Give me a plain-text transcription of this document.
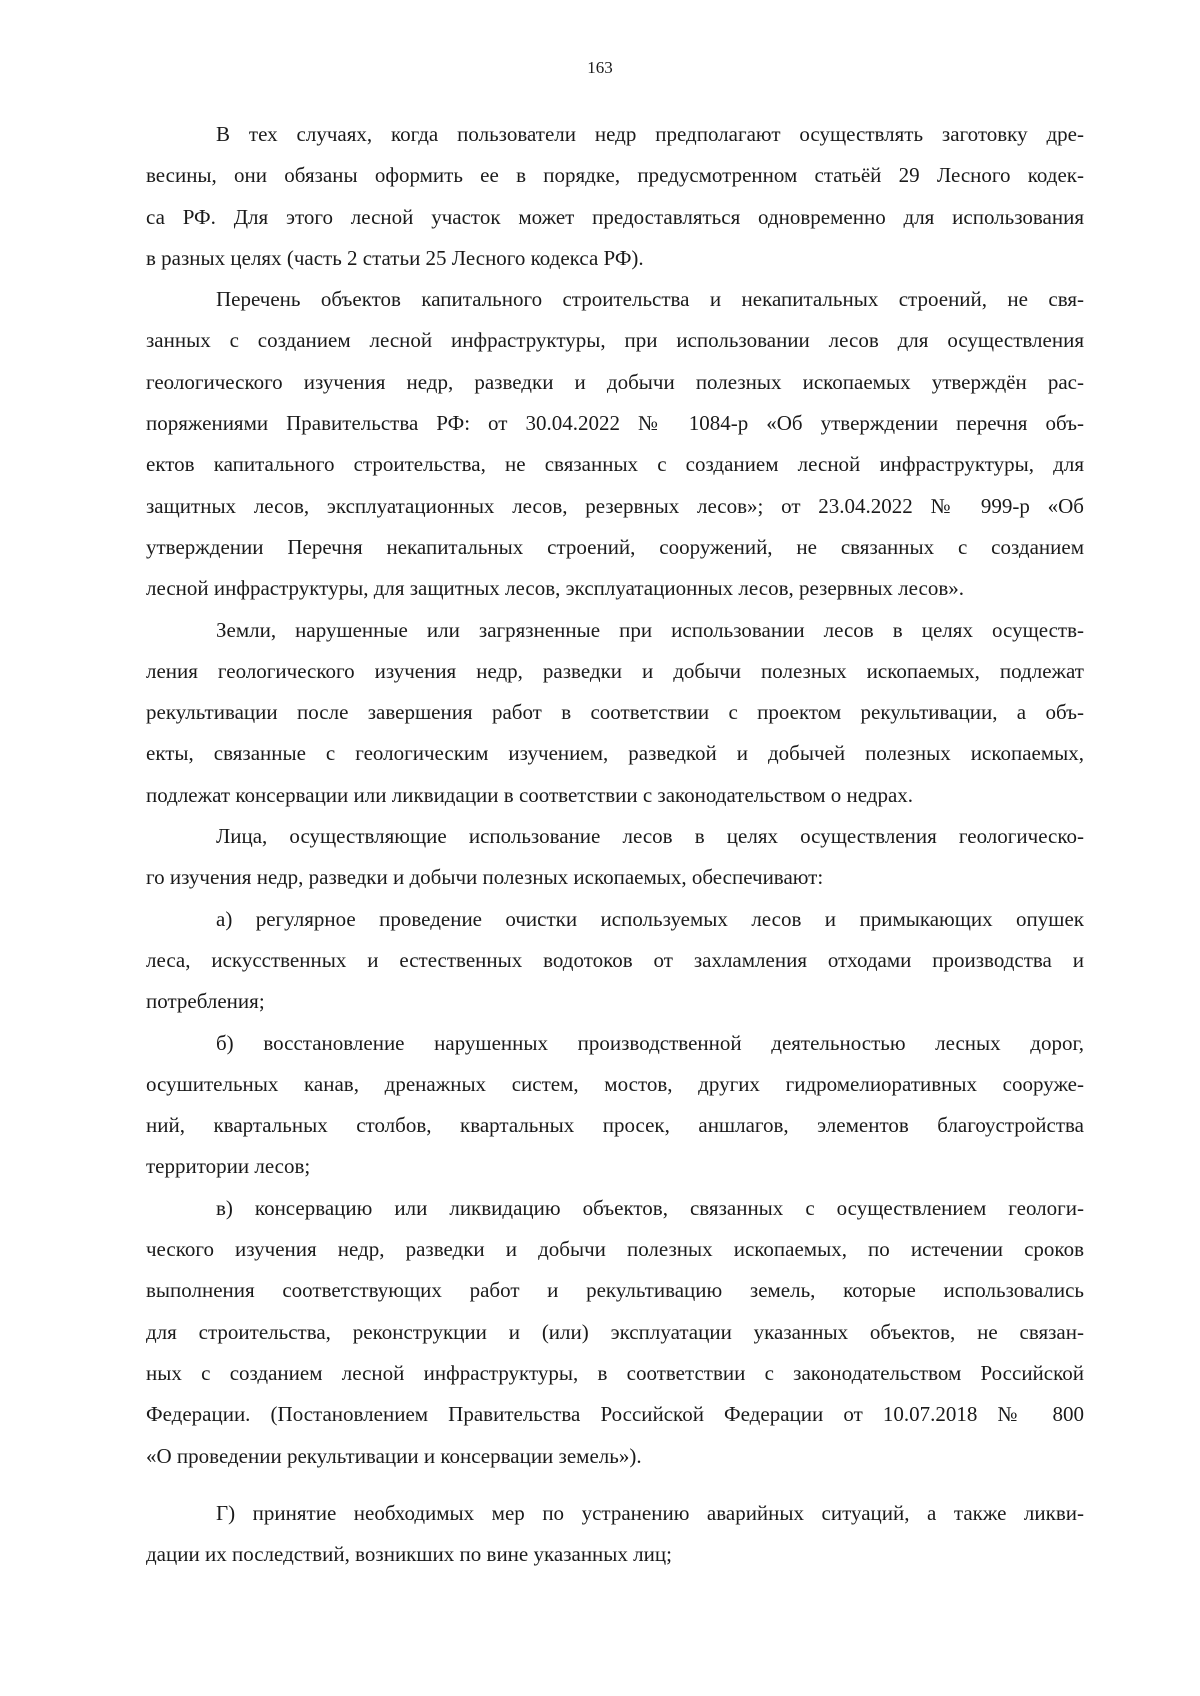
163

В тех случаях, когда пользователи недр предполагают осуществлять заготовку дре-
весины, они обязаны оформить ее в порядке, предусмотренном статьёй 29 Лесного кодек-
са РФ. Для этого лесной участок может предоставляться одновременно для использования
в разных целях (часть 2 статьи 25 Лесного кодекса РФ).

Перечень объектов капитального строительства и некапитальных строений, не свя-
занных с созданием лесной инфраструктуры, при использовании лесов для осуществления
геологического изучения недр, разведки и добычи полезных ископаемых утверждён рас-
поряжениями Правительства РФ: от 30.04.2022 № 1084-р «Об утверждении перечня объ-
ектов капитального строительства, не связанных с созданием лесной инфраструктуры, для
защитных лесов, эксплуатационных лесов, резервных лесов»; от 23.04.2022 № 999-р «Об
утверждении Перечня некапитальных строений, сооружений, не связанных с созданием
лесной инфраструктуры, для защитных лесов, эксплуатационных лесов, резервных лесов».

Земли, нарушенные или загрязненные при использовании лесов в целях осуществ-
ления геологического изучения недр, разведки и добычи полезных ископаемых, подлежат
рекультивации после завершения работ в соответствии с проектом рекультивации, а объ-
екты, связанные с геологическим изучением, разведкой и добычей полезных ископаемых,
подлежат консервации или ликвидации в соответствии с законодательством о недрах.

Лица, осуществляющие использование лесов в целях осуществления геологическо-
го изучения недр, разведки и добычи полезных ископаемых, обеспечивают:

а) регулярное проведение очистки используемых лесов и примыкающих опушек
леса, искусственных и естественных водотоков от захламления отходами производства и
потребления;

б) восстановление нарушенных производственной деятельностью лесных дорог,
осушительных канав, дренажных систем, мостов, других гидромелиоративных сооруже-
ний, квартальных столбов, квартальных просек, аншлагов, элементов благоустройства
территории лесов;

в) консервацию или ликвидацию объектов, связанных с осуществлением геологи-
ческого изучения недр, разведки и добычи полезных ископаемых, по истечении сроков
выполнения соответствующих работ и рекультивацию земель, которые использовались
для строительства, реконструкции и (или) эксплуатации указанных объектов, не связан-
ных с созданием лесной инфраструктуры, в соответствии с законодательством Российской
Федерации. (Постановлением Правительства Российской Федерации от 10.07.2018 № 800
«О проведении рекультивации и консервации земель»).

Г) принятие необходимых мер по устранению аварийных ситуаций, а также ликви-
дации их последствий, возникших по вине указанных лиц;
